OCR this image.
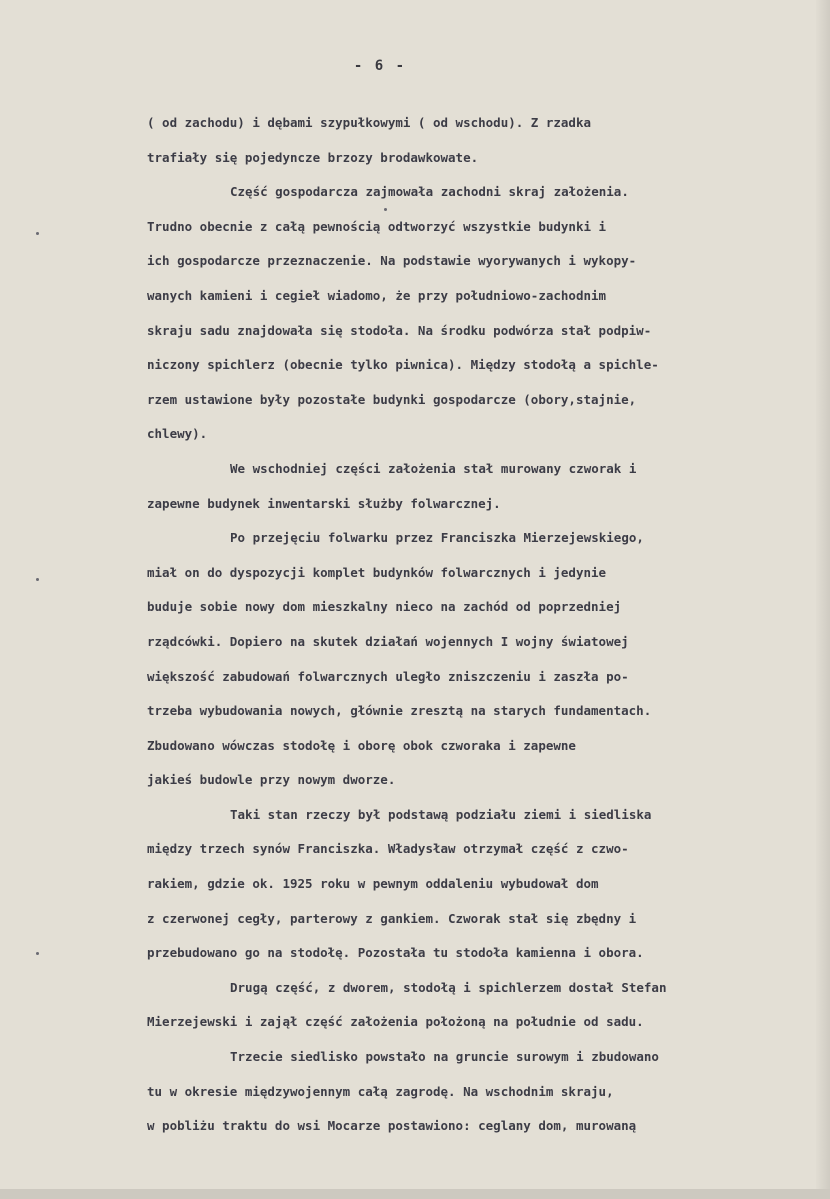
- 6 -
( od zachodu) i dębami szypułkowymi ( od wschodu). Z rzadka
trafiały się pojedyncze brzozy brodawkowate.
Część gospodarcza zajmowała zachodni skraj założenia.
Trudno obecnie z całą pewnością odtworzyć wszystkie budynki i
ich gospodarcze przeznaczenie. Na podstawie wyorywanych i wykopy-
wanych kamieni i cegieł wiadomo, że przy południowo-zachodnim
skraju sadu znajdowała się stodoła. Na środku podwórza stał podpiw-
niczony spichlerz (obecnie tylko piwnica). Między stodołą a spichle-
rzem ustawione były pozostałe budynki gospodarcze (obory,stajnie,
chlewy).
We wschodniej części założenia stał murowany czworak i
zapewne budynek inwentarski służby folwarcznej.
Po przejęciu folwarku przez Franciszka Mierzejewskiego,
miał on do dyspozycji komplet budynków folwarcznych i jedynie
buduje sobie nowy dom mieszkalny nieco na zachód od poprzedniej
rządcówki. Dopiero na skutek działań wojennych I wojny światowej
większość zabudowań folwarcznych uległo zniszczeniu i zaszła po-
trzeba wybudowania nowych, głównie zresztą na starych fundamentach.
Zbudowano wówczas stodołę i oborę obok czworaka i zapewne
jakieś budowle przy nowym dworze.
Taki stan rzeczy był podstawą podziału ziemi i siedliska
między trzech synów Franciszka. Władysław otrzymał część z czwo-
rakiem, gdzie ok. 1925 roku w pewnym oddaleniu wybudował dom
z czerwonej cegły, parterowy z gankiem. Czworak stał się zbędny i
przebudowano go na stodołę. Pozostała tu stodoła kamienna i obora.
Drugą część, z dworem, stodołą i spichlerzem dostał Stefan
Mierzejewski i zajął część założenia położoną na południe od sadu.
Trzecie siedlisko powstało na gruncie surowym i zbudowano
tu w okresie międzywojennym całą zagrodę. Na wschodnim skraju,
w pobliżu traktu do wsi Mocarze postawiono: ceglany dom, murowaną
